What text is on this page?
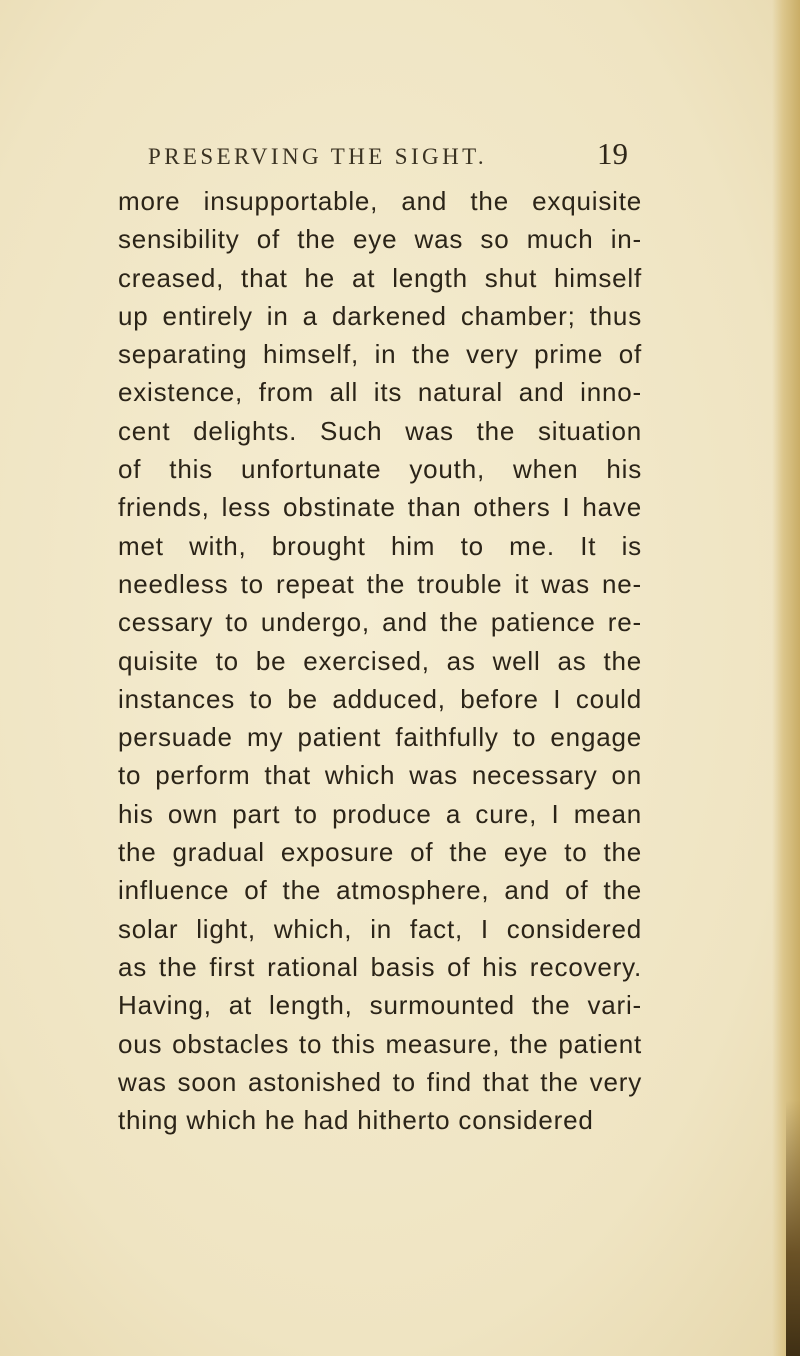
PRESERVING THE SIGHT.	19
more insupportable, and the exquisite
sensibility of the eye was so much in-
creased, that he at length shut himself
up entirely in a darkened chamber; thus
separating himself, in the very prime of
existence, from all its natural and inno-
cent delights. Such was the situation
of this unfortunate youth, when his
friends, less obstinate than others I have
met with, brought him to me. It is
needless to repeat the trouble it was ne-
cessary to undergo, and the patience re-
quisite to be exercised, as well as the
instances to be adduced, before I could
persuade my patient faithfully to engage
to perform that which was necessary on
his own part to produce a cure, I mean
the gradual exposure of the eye to the
influence of the atmosphere, and of the
solar light, which, in fact, I considered
as the first rational basis of his recovery.
Having, at length, surmounted the vari-
ous obstacles to this measure, the patient
was soon astonished to find that the very
thing which he had hitherto considered
